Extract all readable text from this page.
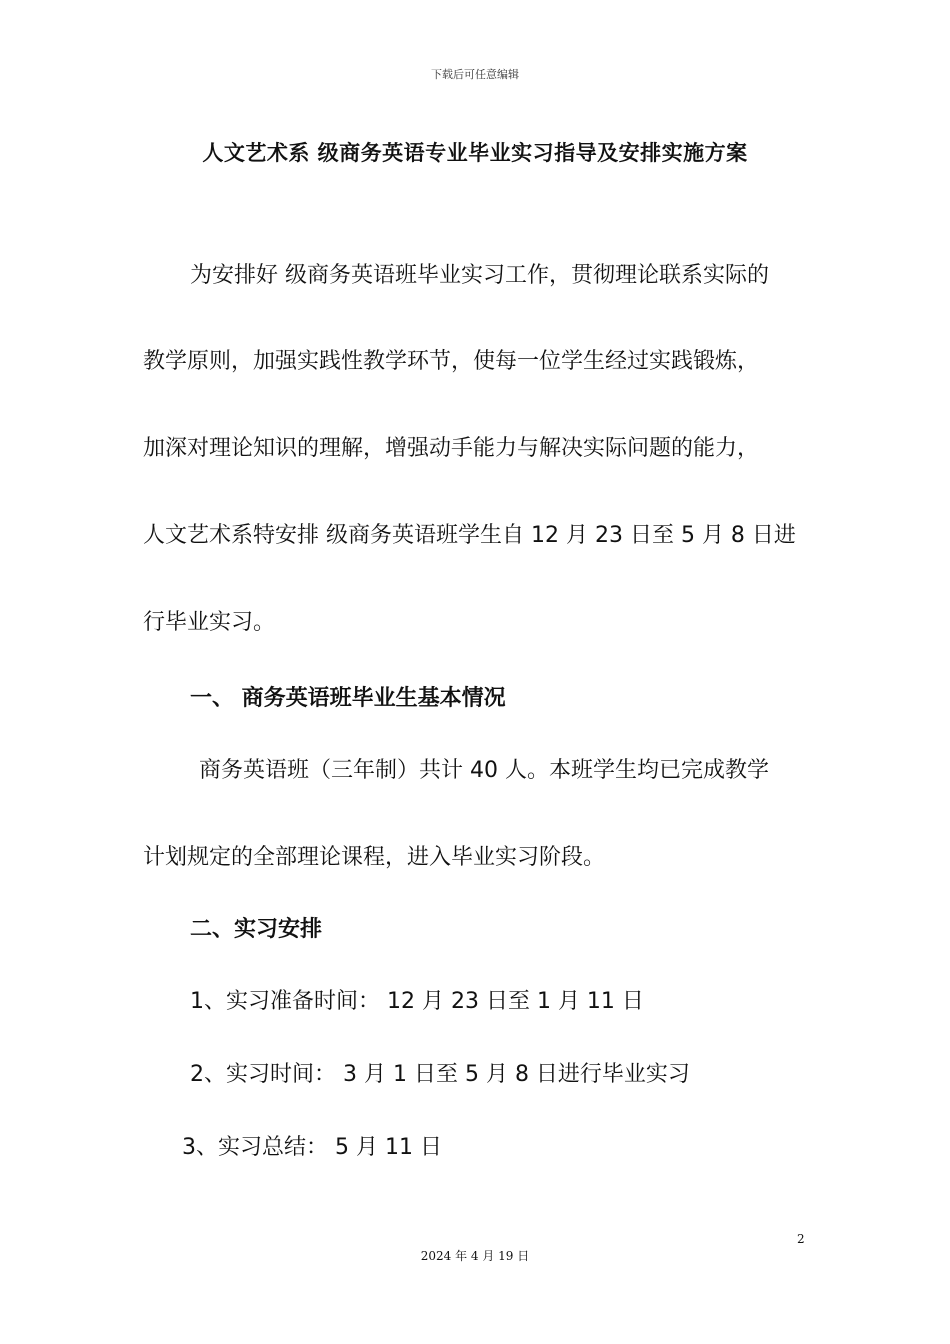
下载后可任意编辑
人文艺术系 级商务英语专业毕业实习指导及安排实施方案
为安排好 级商务英语班毕业实习工作，贯彻理论联系实际的
教学原则，加强实践性教学环节，使每一位学生经过实践锻炼，
加深对理论知识的理解，增强动手能力与解决实际问题的能力，
人文艺术系特安排 级商务英语班学生自 12 月 23 日至 5 月 8 日进
行毕业实习。
一、 商务英语班毕业生基本情况
商务英语班（三年制）共计 40 人。本班学生均已完成教学
计划规定的全部理论课程，进入毕业实习阶段。
二、实习安排
1、实习准备时间： 12 月 23 日至 1 月 11 日
2、实习时间： 3 月 1 日至 5 月 8 日进行毕业实习
3、实习总结： 5 月 11 日
2
2024 年 4 月 19 日
